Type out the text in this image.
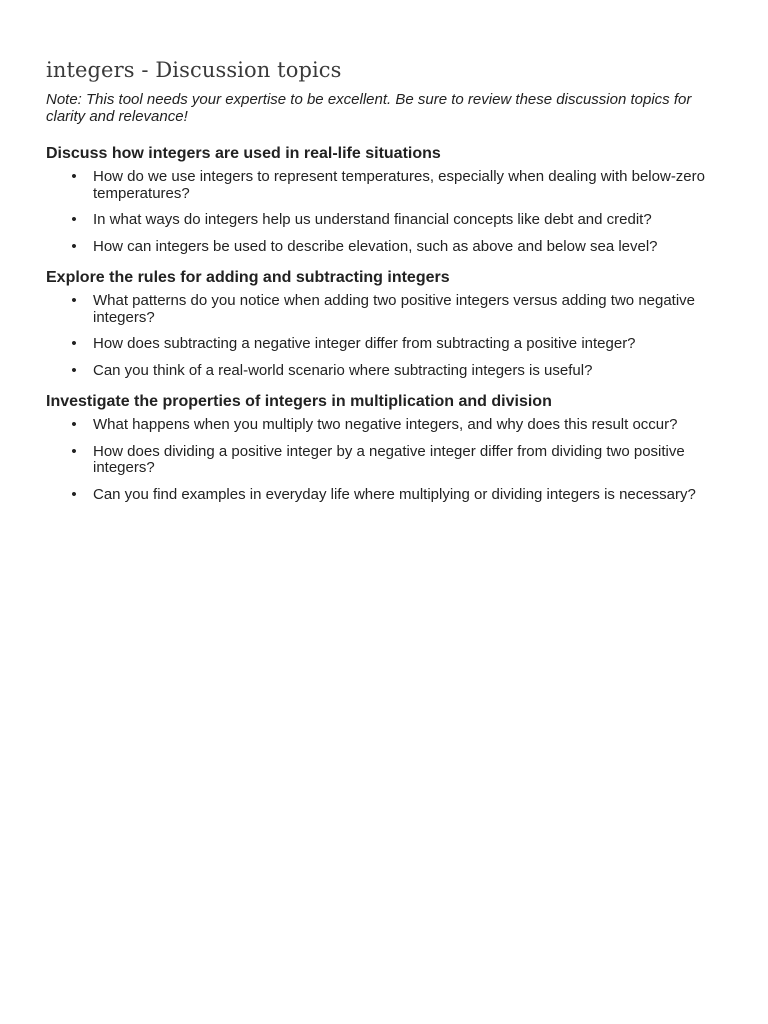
integers - Discussion topics

Note: This tool needs your expertise to be excellent. Be sure to review these discussion topics for clarity and relevance!

Discuss how integers are used in real-life situations
• How do we use integers to represent temperatures, especially when dealing with below-zero temperatures?
• In what ways do integers help us understand financial concepts like debt and credit?
• How can integers be used to describe elevation, such as above and below sea level?
Explore the rules for adding and subtracting integers
• What patterns do you notice when adding two positive integers versus adding two negative integers?
• How does subtracting a negative integer differ from subtracting a positive integer?
• Can you think of a real-world scenario where subtracting integers is useful?
Investigate the properties of integers in multiplication and division
• What happens when you multiply two negative integers, and why does this result occur?
• How does dividing a positive integer by a negative integer differ from dividing two positive integers?
• Can you find examples in everyday life where multiplying or dividing integers is necessary?
